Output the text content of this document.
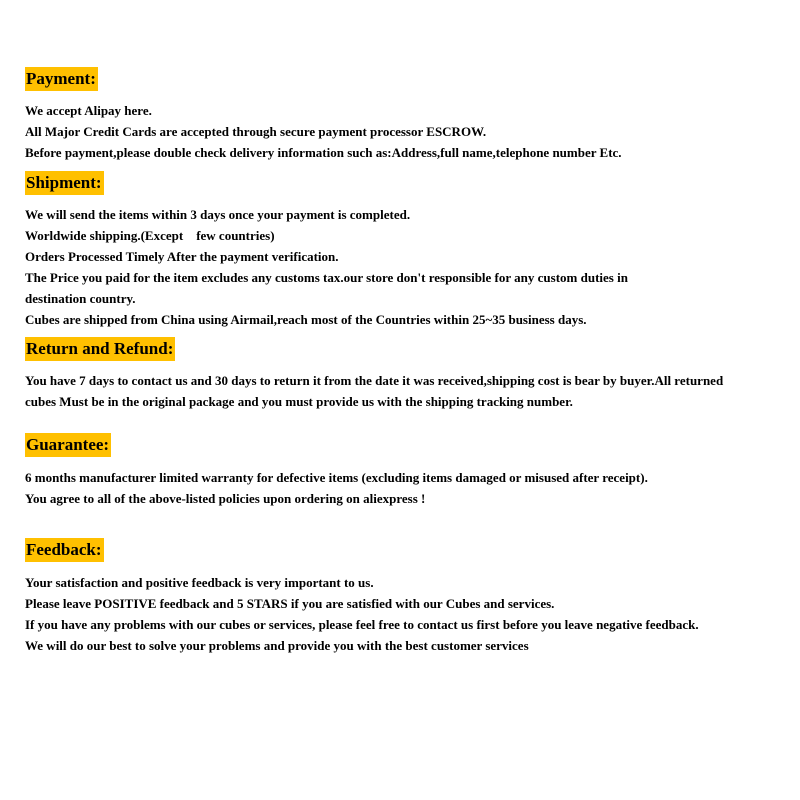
Payment:
We accept Alipay here.
All Major Credit Cards are accepted through secure payment processor ESCROW.
Before payment,please double check delivery information such as:Address,full name,telephone number Etc.
Shipment:
We will send the items within 3 days once your payment is completed.
Worldwide shipping.(Except    few countries)
Orders Processed Timely After the payment verification.
The Price you paid for the item excludes any customs tax.our store don't responsible for any custom duties in destination country.
Cubes are shipped from China using Airmail,reach most of the Countries within 25~35 business days.
Return and Refund:
You have 7 days to contact us and 30 days to return it from the date it was received,shipping cost is bear by buyer.All returned cubes Must be in the original package and you must provide us with the shipping tracking number.
Guarantee:
6 months manufacturer limited warranty for defective items (excluding items damaged or misused after receipt).
You agree to all of the above-listed policies upon ordering on aliexpress !
Feedback:
Your satisfaction and positive feedback is very important to us.
Please leave POSITIVE feedback and 5 STARS if you are satisfied with our Cubes and services.
If you have any problems with our cubes or services, please feel free to contact us first before you leave negative feedback.
We will do our best to solve your problems and provide you with the best customer services
